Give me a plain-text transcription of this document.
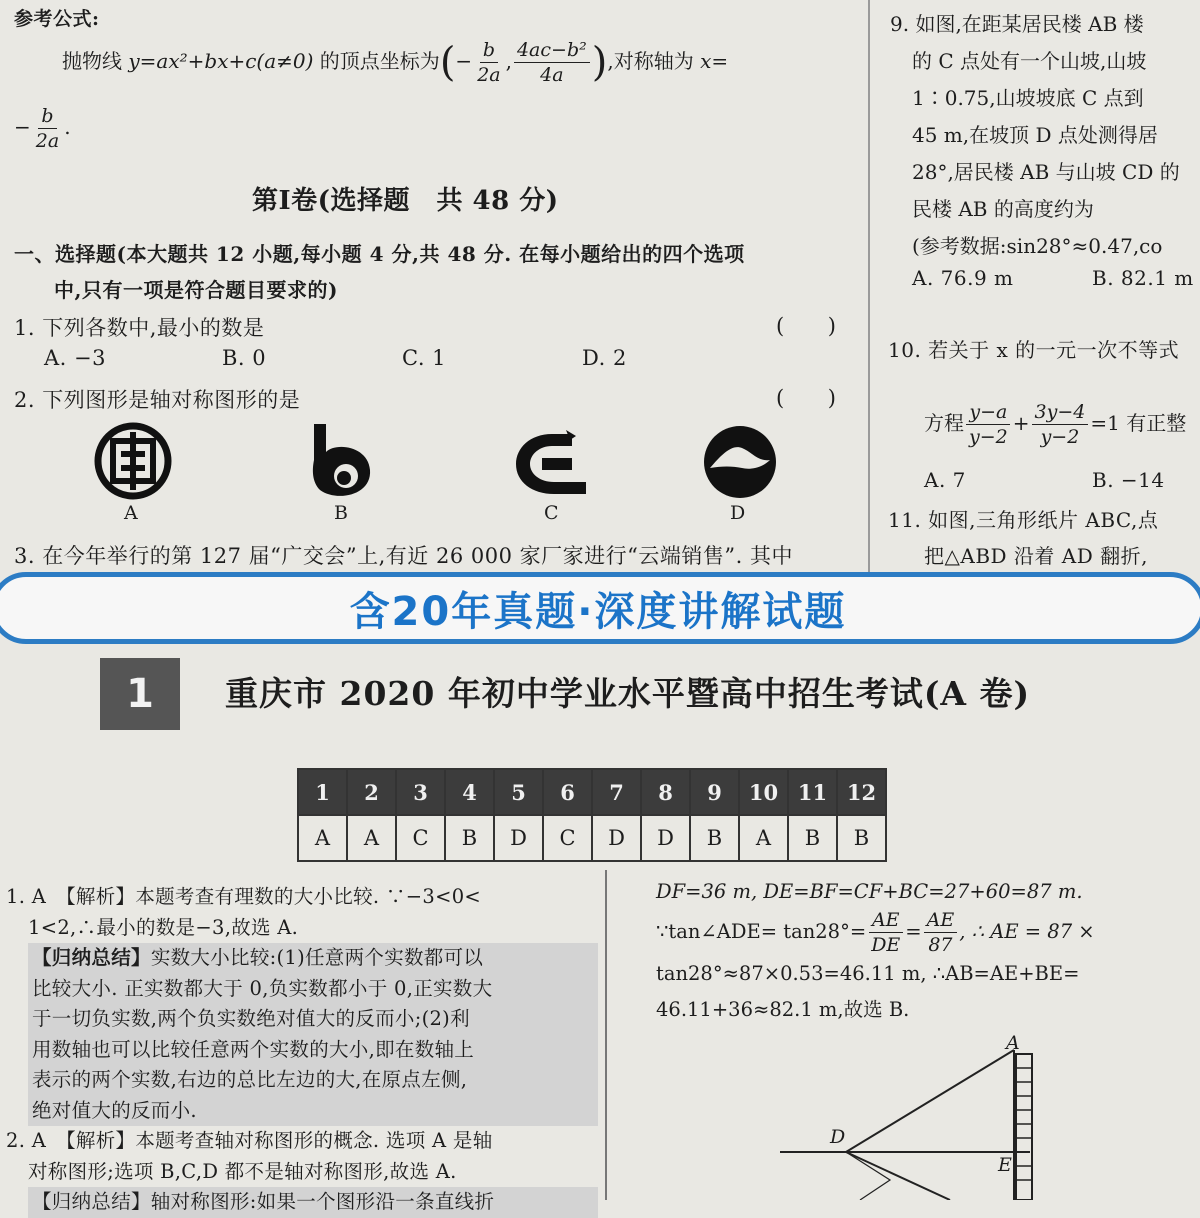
参考公式:
抛物线 y=ax²+bx+c(a≠0) 的顶点坐标为(− $\frac{b}{2a}$ , $\frac{\text{4ac−b²}}{4a}$ ),对称轴为 x=
− $\frac{b}{2a}$ .
第Ⅰ卷(选择题　共 48 分)
一、选择题(本大题共 12 小题,每小题 4 分,共 48 分. 在每小题给出的四个选项
中,只有一项是符合题目要求的)
1. 下列各数中,最小的数是	(　　)
A. −3	B. 0	C. 1	D. 2
2. 下列图形是轴对称图形的是	(　　)
A	B	C	D
3. 在今年举行的第 127 届“广交会”上,有近 26 000 家厂家进行“云端销售”. 其中
9. 如图,在距某居民楼 AB 楼
的 C 点处有一个山坡,山坡
1∶0.75,山坡坡底 C 点到
45 m,在坡顶 D 点处测得居
28°,居民楼 AB 与山坡 CD 的
民楼 AB 的高度约为
(参考数据:sin28°≈0.47,co
A. 76.9 m	B. 82.1 m
10. 若关于 x 的一元一次不等式
方程 $\frac{y-a}{y-2} + \frac{3y-4}{y-2} =1$ 有正整
A. 7	B. −14
11. 如图,三角形纸片 ABC,点
把△ABD 沿着 AD 翻折,
含20年真题·深度讲解试题
1	重庆市 2020 年初中学业水平暨高中招生考试(A 卷)
1	2	3	4	5	6	7	8	9	10	11	12
A	A	C	B	D	C	D	D	B	A	B	B
1. A　【解析】本题考查有理数的大小比较. ∵−3<0<
1<2,∴最小的数是−3,故选 A.
【归纳总结】实数大小比较:(1)任意两个实数都可以
比较大小. 正实数都大于 0,负实数都小于 0,正实数大
于一切负实数,两个负实数绝对值大的反而小;(2)利
用数轴也可以比较任意两个实数的大小,即在数轴上
表示的两个实数,右边的总比左边的大,在原点左侧,
绝对值大的反而小.
2. A　【解析】本题考查轴对称图形的概念. 选项 A 是轴
对称图形;选项 B,C,D 都不是轴对称图形,故选 A.
【归纳总结】轴对称图形:如果一个图形沿一条直线折
DF=36 m, DE=BF=CF+BC=27+60=87 m.
∵tan∠ADE= $\tan 28^\circ= \frac{AE}{DE} = \frac{AE}{87}$ , ∴ AE = 87 ×
tan28°≈87×0.53=46.11 m, ∴AB=AE+BE=
46.11+36≈82.1 m,故选 B.
A
D
E
